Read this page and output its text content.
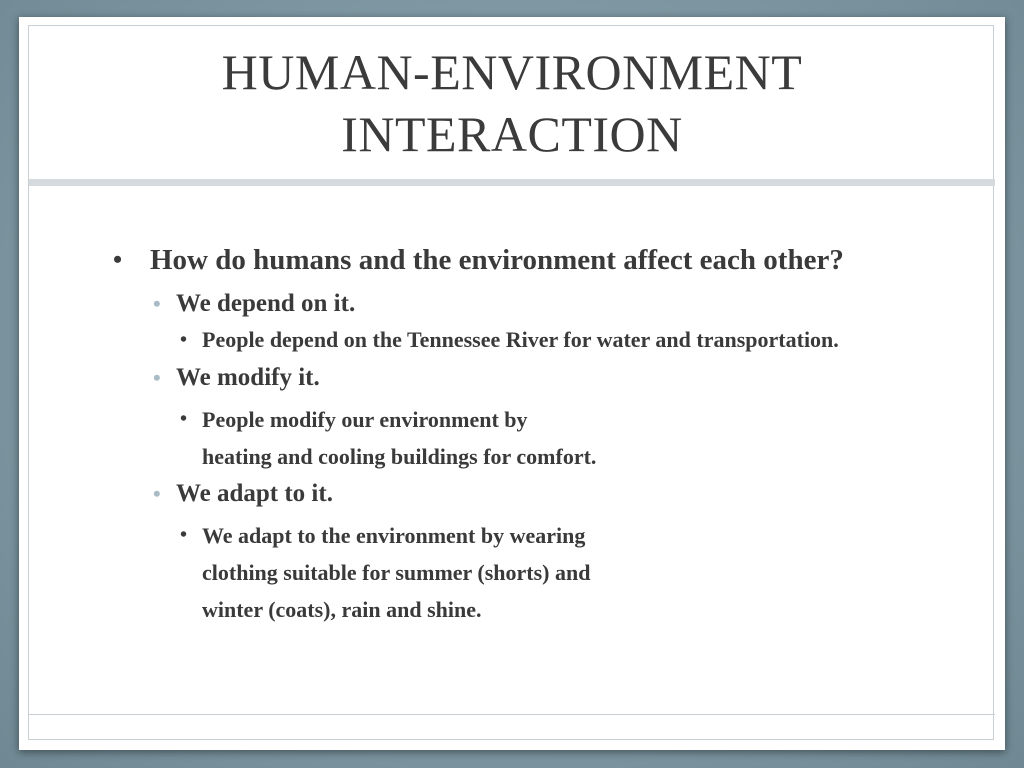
HUMAN-ENVIRONMENT
INTERACTION
• How do humans and the environment affect each other?
• We depend on it.
• People depend on the Tennessee River for water and transportation.
• We modify it.
• People modify our environment by
heating and cooling buildings for comfort.
• We adapt to it.
• We adapt to the environment by wearing
clothing suitable for summer (shorts) and
winter (coats), rain and shine.
